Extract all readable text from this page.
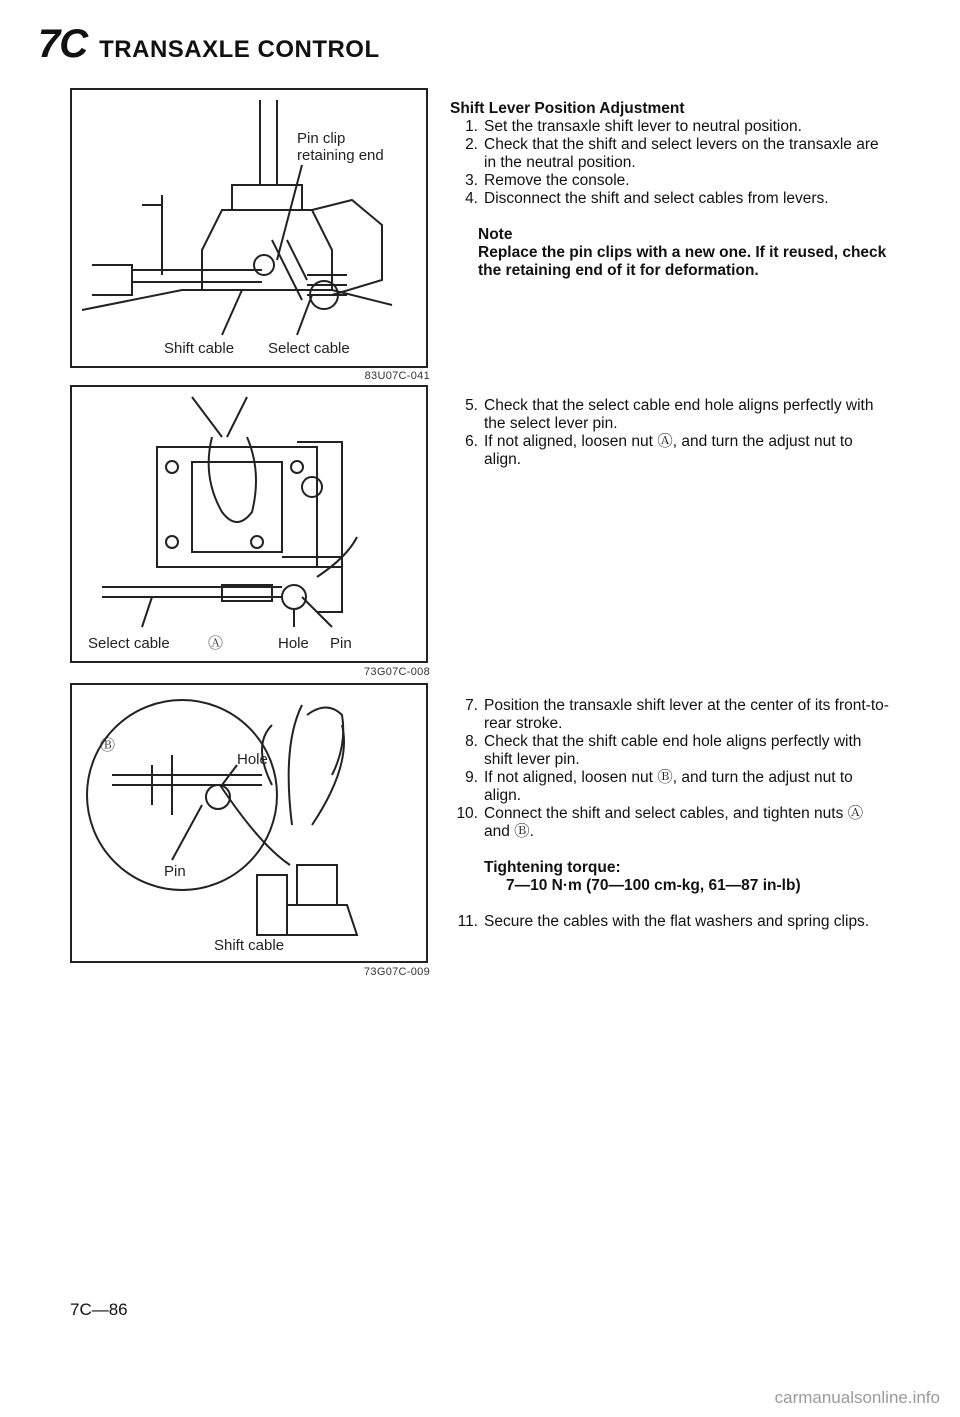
7C TRANSAXLE CONTROL
Pin clip
retaining end
Shift cable Select cable
83U07C-041
Select cable	Ⓐ	Hole Pin
73G07C-008
Ⓑ
Hole
Pin
Shift cable
73G07C-009
Shift Lever Position Adjustment
1. Set the transaxle shift lever to neutral position.
2. Check that the shift and select levers on the transaxle are in the neutral position.
3. Remove the console.
4. Disconnect the shift and select cables from levers.
Note
Replace the pin clips with a new one. If it reused, check the retaining end of it for deformation.
5. Check that the select cable end hole aligns perfectly with the select lever pin.
6. If not aligned, loosen nut Ⓐ, and turn the adjust nut to align.
7. Position the transaxle shift lever at the center of its front-to-rear stroke.
8. Check that the shift cable end hole aligns perfectly with shift lever pin.
9. If not aligned, loosen nut Ⓑ, and turn the adjust nut to align.
10. Connect the shift and select cables, and tighten nuts Ⓐ and Ⓑ.
Tightening torque:
7—10 N·m (70—100 cm-kg, 61—87 in-lb)
11. Secure the cables with the flat washers and spring clips.
7C—86
carmanualsonline.info
